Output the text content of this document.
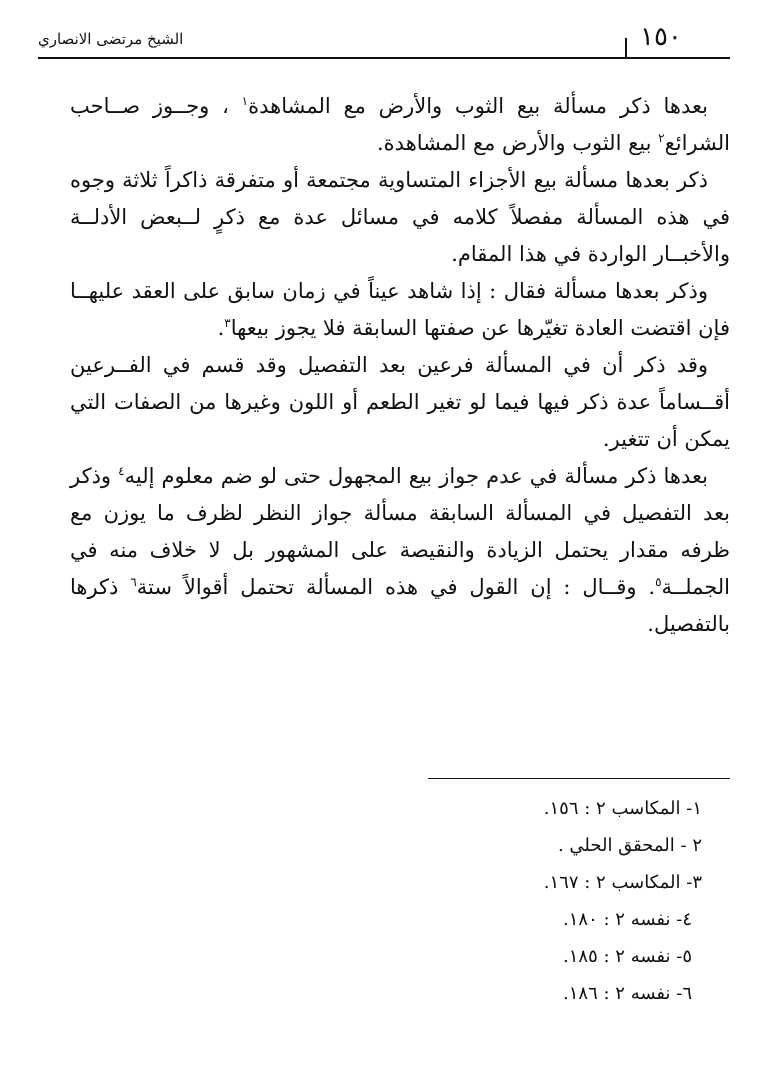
الشيخ مرتضى الانصاري	١٥٠

بعدها ذكر مسألة بيع الثوب والأرض مع المشاهدة$^١$ ، وجــوز صــاحب الشرائع$^٢$ بيع الثوب والأرض مع المشاهدة.

ذكر بعدها مسألة بيع الأجزاء المتساوية مجتمعة أو متفرقة ذاكراً ثلاثة وجوه في هذه المسألة مفصلاً كلامه في مسائل عدة مع ذكرٍ لــبعض الأدلــة والأخبــار الواردة في هذا المقام.

وذكر بعدها مسألة فقال : إذا شاهد عيناً في زمان سابق على العقد عليهــا فإن اقتضت العادة تغيّرها عن صفتها السابقة فلا يجوز بيعها$^٣$.

وقد ذكر أن في المسألة فرعين بعد التفصيل وقد قسم في الفــرعين أقــساماً عدة ذكر فيها فيما لو تغير الطعم أو اللون وغيرها من الصفات التي يمكن أن تتغير.

بعدها ذكر مسألة في عدم جواز بيع المجهول حتى لو ضم معلوم إليه$^٤$ وذكر بعد التفصيل في المسألة السابقة مسألة جواز النظر لظرف ما يوزن مع ظرفه مقدار يحتمل الزيادة والنقيصة على المشهور بل لا خلاف منه في الجملــة$^٥$. وقــال : إن القول في هذه المسألة تحتمل أقوالاً ستة$^٦$ ذكرها بالتفصيل.

١- المكاسب ٢ : ١٥٦.
٢ - المحقق الحلي .
٣- المكاسب ٢ : ١٦٧.
٤- نفسه ٢ : ١٨٠.
٥- نفسه ٢ : ١٨٥.
٦- نفسه ٢ : ١٨٦.
